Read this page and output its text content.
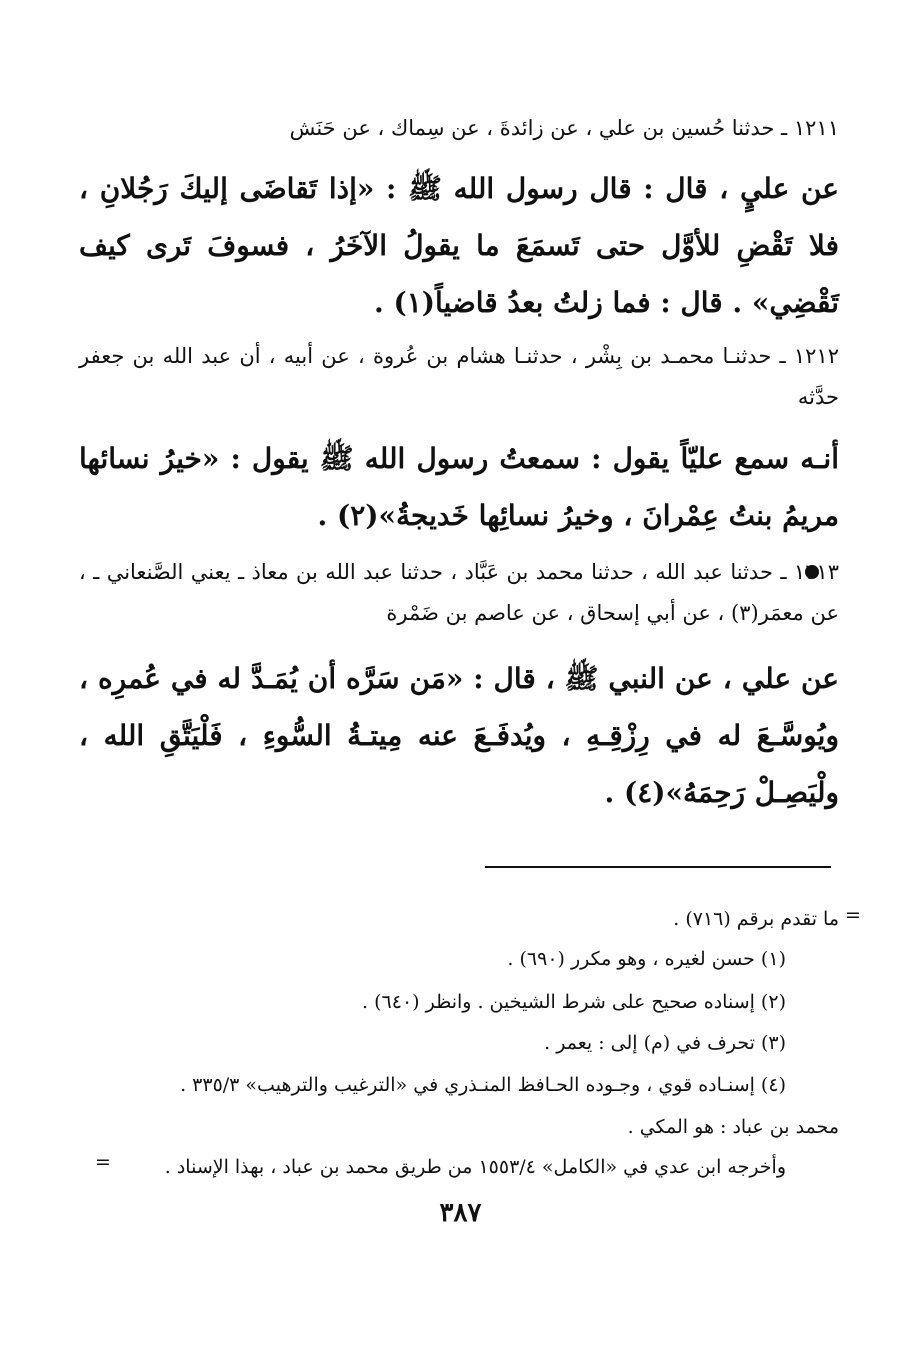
١٢١١ ـ حدثنا حُسين بن علي ، عن زائدةَ ، عن سِماك ، عن حَنَش
عن عليٍ ، قال : قال رسول الله ﷺ : «إذا تَقاضَى إليكَ رَجُلانِ ، فلا تَقْضِ للأوَّل حتى تَسمَعَ ما يقولُ الآخَرُ ، فسوفَ تَرى كيف تَقْضِي» . قال : فما زلتُ بعدُ قاضياً(١) .
١٢١٢ ـ حدثنـا محمـد بن بِشْر ، حدثنـا هشام بن عُروة ، عن أبيه ، أن عبد الله بن جعفر حدَّثه
أنـه سمع عليّاً يقول : سمعتُ رسول الله ﷺ يقول : «خيرُ نسائها مريمُ بنتُ عِمْرانَ ، وخيرُ نسائِها خَديجةُ»(٢) .
١٢١٣ ـ حدثنا عبد الله ، حدثنا محمد بن عَبَّاد ، حدثنا عبد الله بن معاذ ـ يعني الصَّنعاني ـ ، عن معمَر(٣) ، عن أبي إسحاق ، عن عاصم بن ضَمْرة
عن علي ، عن النبي ﷺ ، قال : «مَن سَرَّه أن يُمَـدَّ له في عُمرِه ، ويُوسَّـعَ له في رِزْقِـهِ ، ويُدفَـعَ عنه مِيتـةُ السُّوءِ ، فَلْيَتَّقِ الله ، ولْيَصِـلْ رَحِمَهُ»(٤) .
=
ما تقدم برقم (٧١٦) .
(١) حسن لغيره ، وهو مكرر (٦٩٠) .
(٢) إسناده صحيح على شرط الشيخين . وانظر (٦٤٠) .
(٣) تحرف في (م) إلى : يعمر .
(٤) إسنـاده قوي ، وجـوده الحـافظ المنـذري في «الترغيب والترهيب» ٣٣٥/٣ .
محمد بن عباد : هو المكي .
وأخرجه ابن عدي في «الكامل» ١٥٥٣/٤ من طريق محمد بن عباد ، بهذا الإسناد .
=
٣٨٧
